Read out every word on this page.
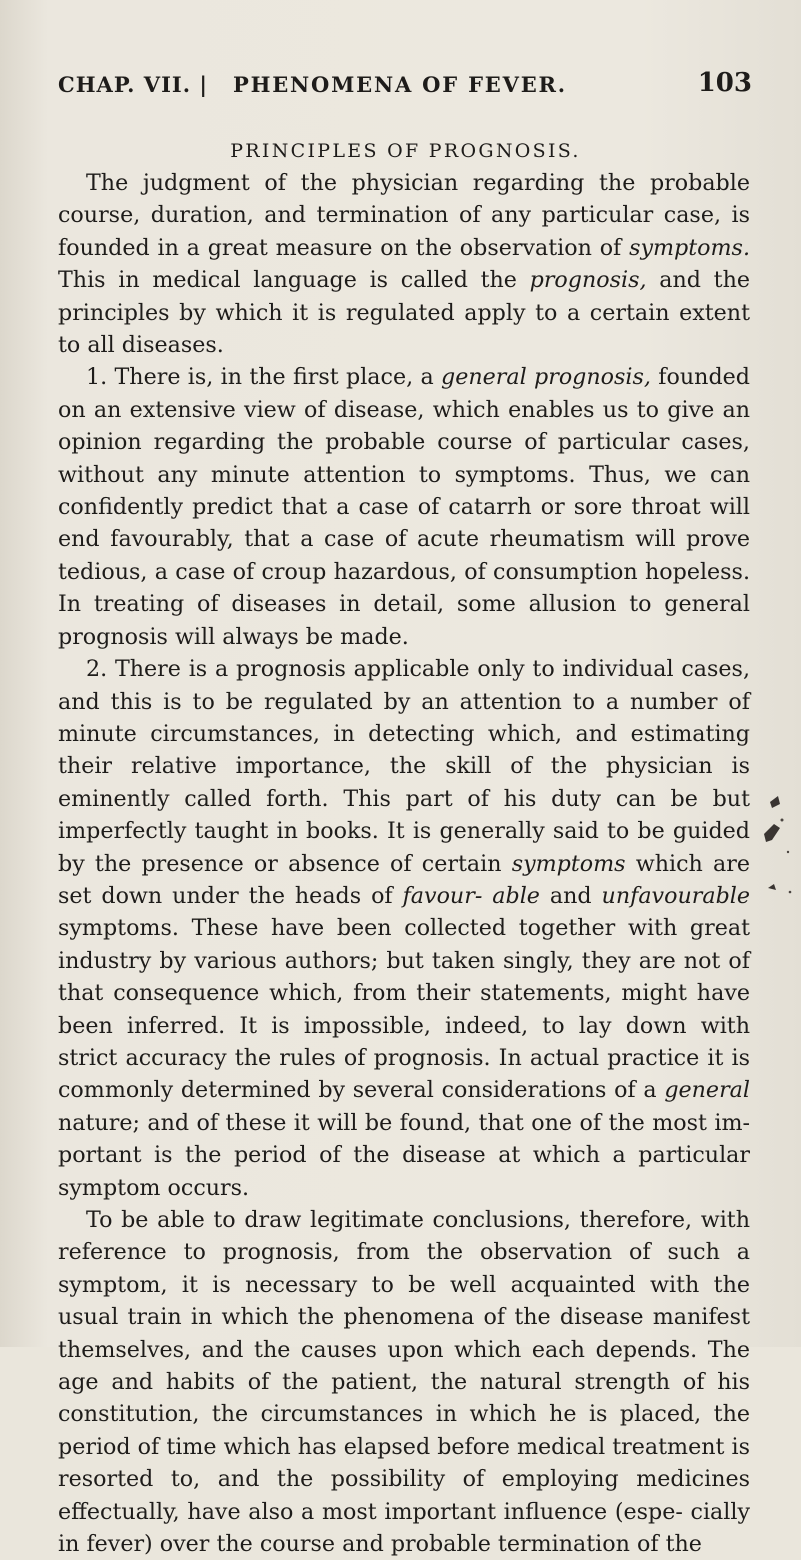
CHAP. VII. | PHENOMENA OF FEVER.	103
PRINCIPLES OF PROGNOSIS.

The judgment of the physician regarding the probable course, duration, and termination of any particular case, is founded in a great measure on the observation of symptoms. This in medical language is called the prognosis, and the principles by which it is regulated apply to a certain extent to all diseases.

1. There is, in the first place, a general prognosis, founded on an extensive view of disease, which enables us to give an opinion regarding the probable course of particular cases, without any minute attention to symptoms. Thus, we can confidently predict that a case of catarrh or sore throat will end favourably, that a case of acute rheumatism will prove tedious, a case of croup hazardous, of consumption hopeless. In treating of diseases in detail, some allusion to general prognosis will always be made.

2. There is a prognosis applicable only to individual cases, and this is to be regulated by an attention to a number of minute circumstances, in detecting which, and estimating their relative importance, the skill of the physician is eminently called forth. This part of his duty can be but imperfectly taught in books. It is generally said to be guided by the presence or absence of certain symptoms which are set down under the heads of favour- able and unfavourable symptoms. These have been collected together with great industry by various authors; but taken singly, they are not of that consequence which, from their statements, might have been inferred. It is impossible, indeed, to lay down with strict accuracy the rules of prognosis. In actual practice it is commonly determined by several considerations of a general nature; and of these it will be found, that one of the most im- portant is the period of the disease at which a particular symptom occurs.

To be able to draw legitimate conclusions, therefore, with reference to prognosis, from the observation of such a symptom, it is necessary to be well acquainted with the usual train in which the phenomena of the disease manifest themselves, and the causes upon which each depends. The age and habits of the patient, the natural strength of his constitution, the circumstances in which he is placed, the period of time which has elapsed before medical treatment is resorted to, and the possibility of employing medicines effectually, have also a most important influence (espe- cially in fever) over the course and probable termination of the
